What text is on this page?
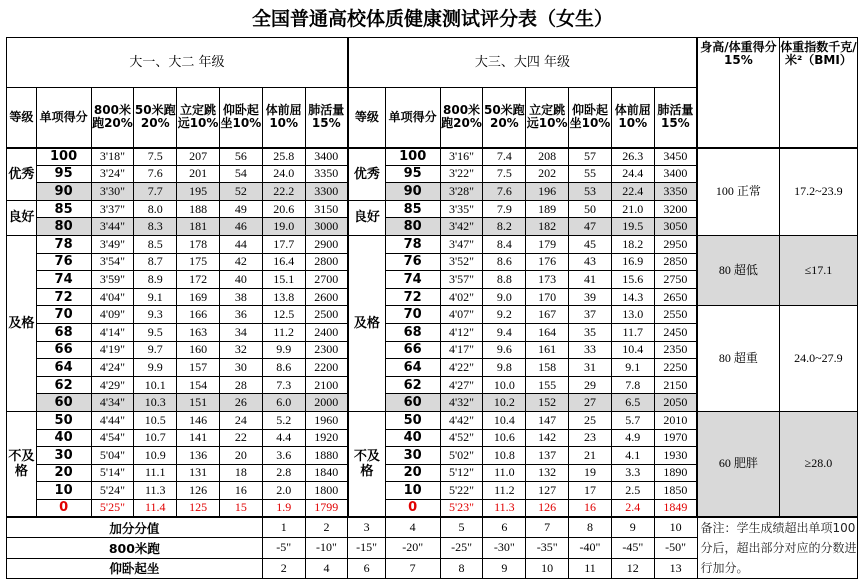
全国普通高校体质健康测试评分表（女生）

大一、大二 年级								大三、大四 年级								身高/体重得分15%	体重指数千克/米²（BMI）
等级	单项得分	800米跑20%	50米跑20%	立定跳远10%	仰卧起坐10%	体前屈10%	肺活量15%	等级	单项得分	800米跑20%	50米跑20%	立定跳远10%	仰卧起坐10%	体前屈10%	肺活量15%		
优秀	100	3'18"	7.5	207	56	25.8	3400	优秀	100	3'16"	7.4	208	57	26.3	3450	100 正常	17.2~23.9
	95	3'24"	7.6	201	54	24.0	3350		95	3'22"	7.5	202	55	24.4	3400		
	90	3'30"	7.7	195	52	22.2	3300		90	3'28"	7.6	196	53	22.4	3350		
良好	85	3'37"	8.0	188	49	20.6	3150	良好	85	3'35"	7.9	189	50	21.0	3200		
	80	3'44"	8.3	181	46	19.0	3000		80	3'42"	8.2	182	47	19.5	3050		
及格	78	3'49"	8.5	178	44	17.7	2900	及格	78	3'47"	8.4	179	45	18.2	2950	80 超低	≤17.1
	76	3'54"	8.7	175	42	16.4	2800		76	3'52"	8.6	176	43	16.9	2850		
	74	3'59"	8.9	172	40	15.1	2700		74	3'57"	8.8	173	41	15.6	2750		
	72	4'04"	9.1	169	38	13.8	2600		72	4'02"	9.0	170	39	14.3	2650		
	70	4'09"	9.3	166	36	12.5	2500		70	4'07"	9.2	167	37	13.0	2550	80 超重	24.0~27.9
	68	4'14"	9.5	163	34	11.2	2400		68	4'12"	9.4	164	35	11.7	2450		
	66	4'19"	9.7	160	32	9.9	2300		66	4'17"	9.6	161	33	10.4	2350		
	64	4'24"	9.9	157	30	8.6	2200		64	4'22"	9.8	158	31	9.1	2250		
	62	4'29"	10.1	154	28	7.3	2100		62	4'27"	10.0	155	29	7.8	2150		
	60	4'34"	10.3	151	26	6.0	2000		60	4'32"	10.2	152	27	6.5	2050		
不及格	50	4'44"	10.5	146	24	5.2	1960	不及格	50	4'42"	10.4	147	25	5.7	2010	60 肥胖	≥28.0
	40	4'54"	10.7	141	22	4.4	1920		40	4'52"	10.6	142	23	4.9	1970		
	30	5'04"	10.9	136	20	3.6	1880		30	5'02"	10.8	137	21	4.1	1930		
	20	5'14"	11.1	131	18	2.8	1840		20	5'12"	11.0	132	19	3.3	1890		
	10	5'24"	11.3	126	16	2.0	1800		10	5'22"	11.2	127	17	2.5	1850		
	0	5'25"	11.4	125	15	1.9	1799		0	5'23"	11.3	126	16	2.4	1849		
加分分值						1	2	3	4	5	6	7	8	9	10	备注：学生成绩超出单项100分后，超出部分对应的分数进行加分。	
800米跑						-5"	-10"	-15"	-20"	-25"	-30"	-35"	-40"	-45"	-50"		
仰卧起坐						2	4	6	7	8	9	10	11	12	13		
